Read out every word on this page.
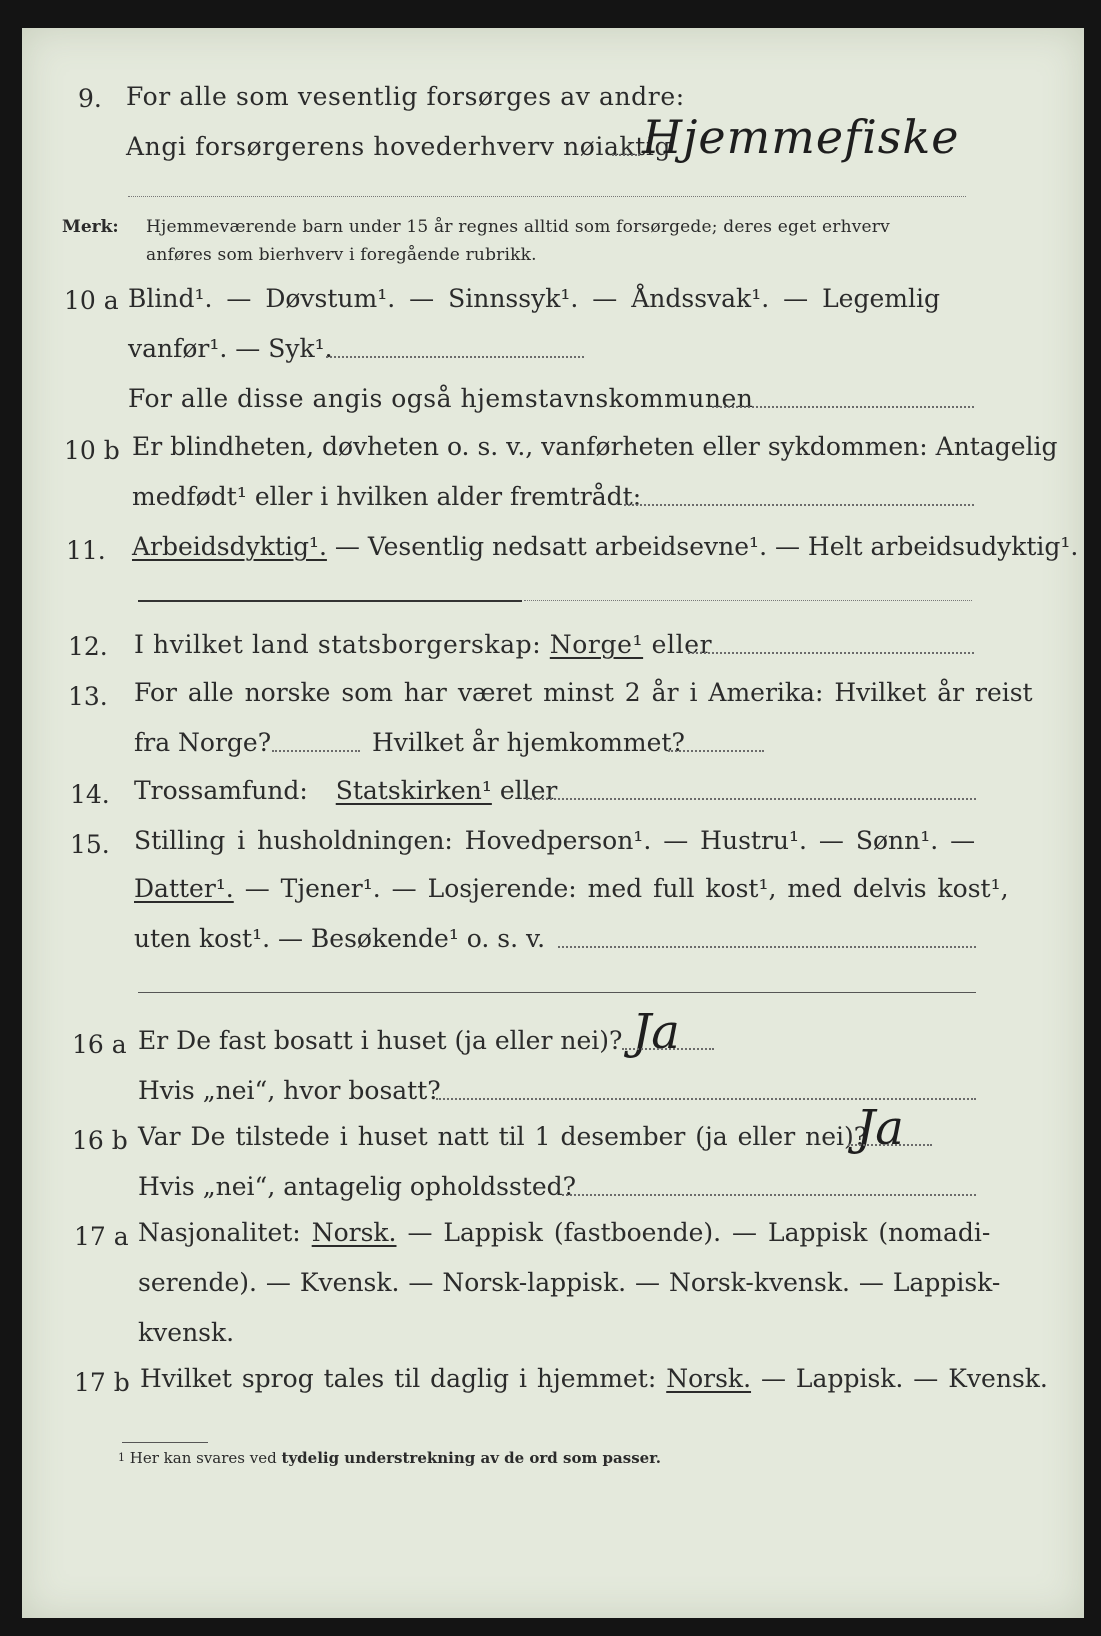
9. For alle som vesentlig forsørges av andre:
Angi forsørgerens hovederhverv nøiaktig
Hjemmefiske
Merk: Hjemmeværende barn under 15 år regnes alltid som forsørgede; deres eget erhverv
anføres som bierhverv i foregående rubrikk.
10 a Blind¹. — Døvstum¹. — Sinnssyk¹. — Åndssvak¹. — Legemlig
vanfør¹. — Syk¹.
For alle disse angis også hjemstavnskommunen
10 b Er blindheten, døvheten o. s. v., vanførheten eller sykdommen: Antagelig
medfødt¹ eller i hvilken alder fremtrådt:
11. Arbeidsdyktig¹. — Vesentlig nedsatt arbeidsevne¹. — Helt arbeidsudyktig¹.
12. I hvilket land statsborgerskap: Norge¹ eller
13. For alle norske som har været minst 2 år i Amerika: Hvilket år reist
fra Norge?	Hvilket år hjemkommet?
14. Trossamfund: Statskirken¹ eller
15. Stilling i husholdningen: Hovedperson¹. — Hustru¹. — Sønn¹. —
Datter¹. — Tjener¹. — Losjerende: med full kost¹, med delvis kost¹,
uten kost¹. — Besøkende¹ o. s. v.
16 a Er De fast bosatt i huset (ja eller nei)? Ja
Hvis „nei“, hvor bosatt?
16 b Var De tilstede i huset natt til 1 desember (ja eller nei)?
Ja
Hvis „nei“, antagelig opholdssted?
17 a Nasjonalitet: Norsk. — Lappisk (fastboende). — Lappisk (nomadi-
serende). — Kvensk. — Norsk-lappisk. — Norsk-kvensk. — Lappisk-
kvensk.
17 b Hvilket sprog tales til daglig i hjemmet: Norsk. — Lappisk. — Kvensk.
$^1$ Her kan svares ved tydelig understrekning av de ord som passer.
